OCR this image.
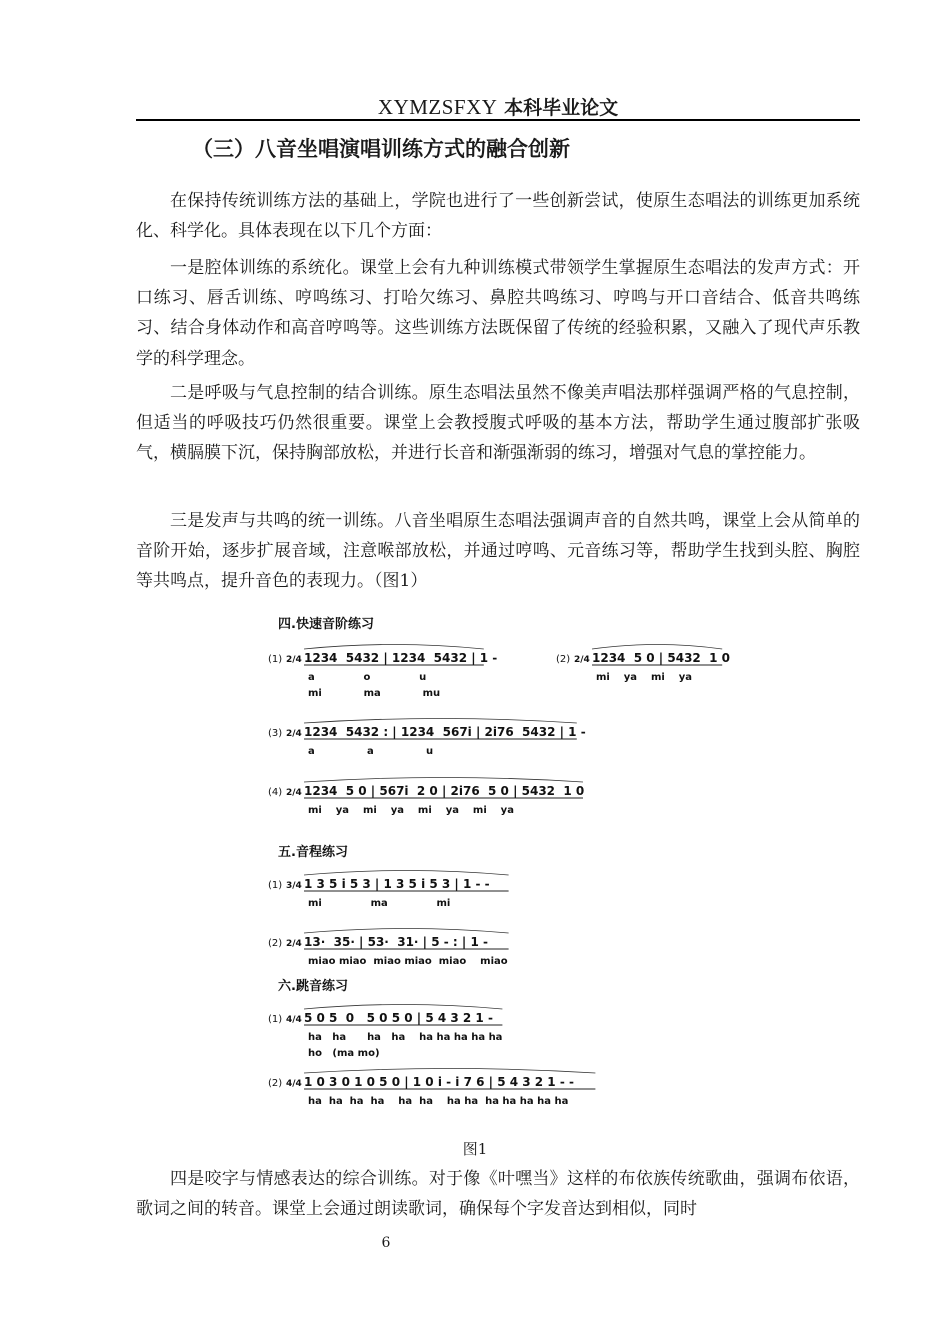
XYMZSFXY 本科毕业论文
（三）八音坐唱演唱训练方式的融合创新

在保持传统训练方法的基础上，学院也进行了一些创新尝试，使原生态唱法的训练更加系统化、科学化。具体表现在以下几个方面：

一是腔体训练的系统化。课堂上会有九种训练模式带领学生掌握原生态唱法的发声方式：开口练习、唇舌训练、哼鸣练习、打哈欠练习、鼻腔共鸣练习、哼鸣与开口音结合、低音共鸣练习、结合身体动作和高音哼鸣等。这些训练方法既保留了传统的经验积累，又融入了现代声乐教学的科学理念。

二是呼吸与气息控制的结合训练。原生态唱法虽然不像美声唱法那样强调严格的气息控制，但适当的呼吸技巧仍然很重要。课堂上会教授腹式呼吸的基本方法，帮助学生通过腹部扩张吸气，横膈膜下沉，保持胸部放松，并进行长音和渐强渐弱的练习，增强对气息的掌控能力。

三是发声与共鸣的统一训练。八音坐唱原生态唱法强调声音的自然共鸣，课堂上会从简单的音阶开始，逐步扩展音域，注意喉部放松，并通过哼鸣、元音练习等，帮助学生找到头腔、胸腔等共鸣点，提升音色的表现力。（图1）

四.快速音阶练习
(1) 2/4 1234  5432 | 1234  5432 | 1 -
a              o              u
mi            ma            mu
(2) 2/4 1234  5 0 | 5432  1 0
mi    ya    mi    ya
(3) 2/4 1234  5432 : | 1234  567i | 2i76  5432 | 1 -
a               a               u
(4) 2/4 1234  5 0 | 567i  2 0 | 2i76  5 0 | 5432  1 0
mi    ya    mi    ya    mi    ya    mi    ya
五.音程练习
(1) 3/4 1 3 5 i 5 3 | 1 3 5 i 5 3 | 1 - -
mi              ma              mi
(2) 2/4 13·  35· | 53·  31· | 5 - : | 1 -
miao miao  miao miao  miao    miao
六.跳音练习
(1) 4/4 5 0 5  0   5 0 5 0 | 5 4 3 2 1 -
ha   ha      ha   ha    ha ha ha ha ha
ho   (ma mo)
(2) 4/4 1 0 3 0 1 0 5 0 | 1 0 i - i 7 6 | 5 4 3 2 1 - -
ha  ha  ha  ha    ha  ha    ha ha  ha ha ha ha ha
图1

四是咬字与情感表达的综合训练。对于像《叶嘿当》这样的布依族传统歌曲，强调布依语，歌词之间的转音。课堂上会通过朗读歌词，确保每个字发音达到相似，同时

6
